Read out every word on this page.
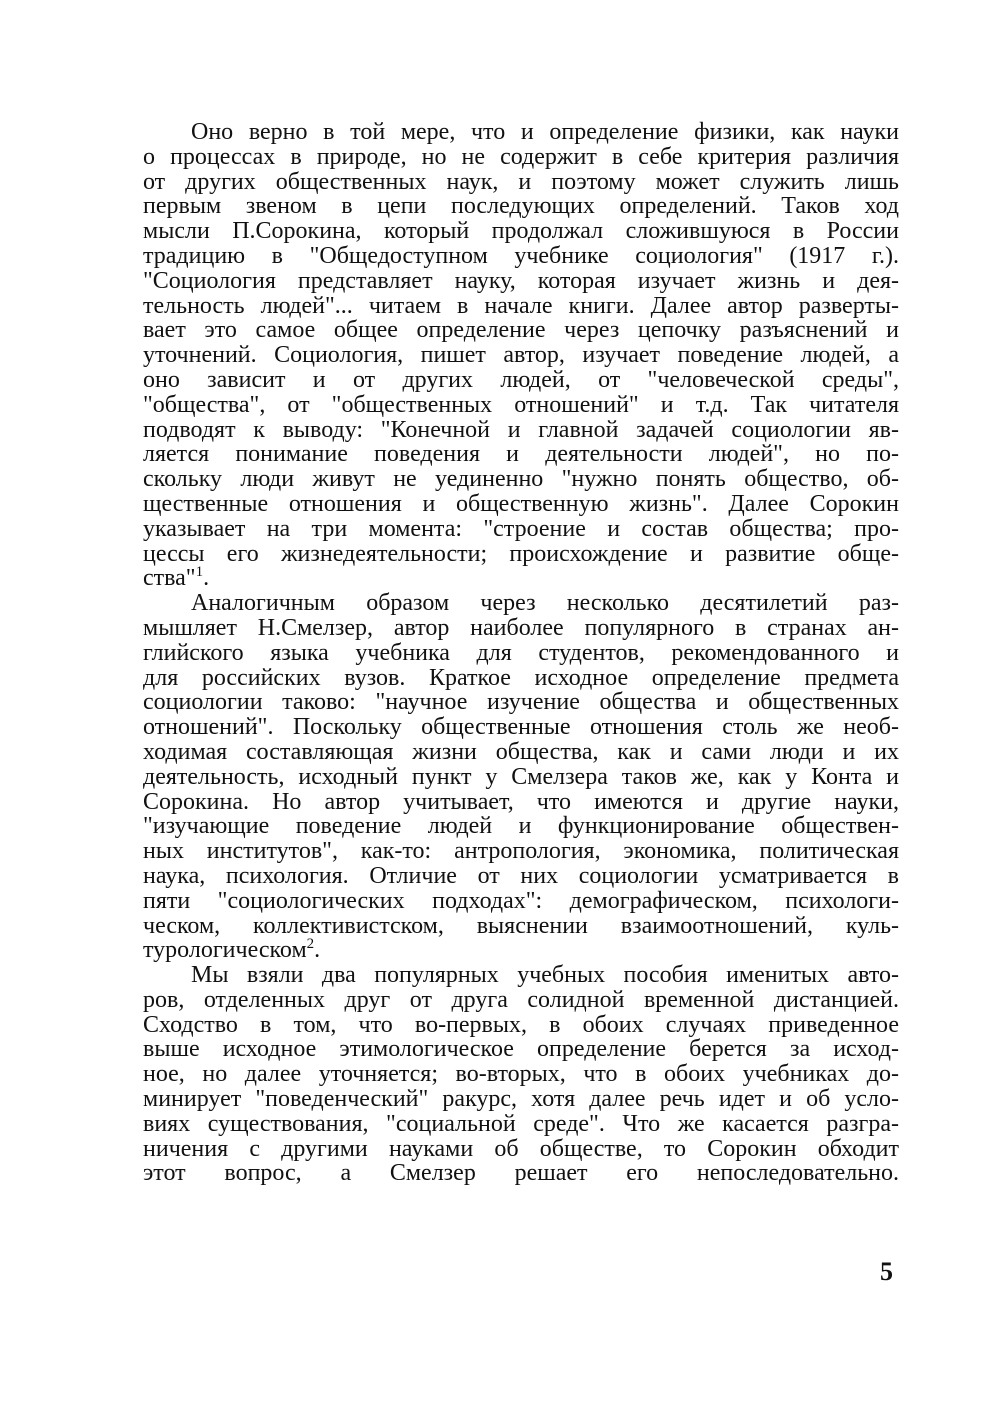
Оно верно в той мере, что и определение физики, как науки
о процессах в природе, но не содержит в себе критерия различия
от других общественных наук, и поэтому может служить лишь
первым звеном в цепи последующих определений. Таков ход
мысли П.Сорокина, который продолжал сложившуюся в России
традицию в "Общедоступном учебнике социология" (1917 г.).
"Социология представляет науку, которая изучает жизнь и дея-
тельность людей"... читаем в начале книги. Далее автор разверты-
вает это самое общее определение через цепочку разъяснений и
уточнений. Социология, пишет автор, изучает поведение людей, а
оно зависит и от других людей, от "человеческой среды",
"общества", от "общественных отношений" и т.д. Так читателя
подводят к выводу: "Конечной и главной задачей социологии яв-
ляется понимание поведения и деятельности людей", но по-
скольку люди живут не уединенно "нужно понять общество, об-
щественные отношения и общественную жизнь". Далее Сорокин
указывает на три момента: "строение и состав общества; про-
цессы его жизнедеятельности; происхождение и развитие обще-
ства"$^1$.
Аналогичным образом через несколько десятилетий раз-
мышляет Н.Смелзер, автор наиболее популярного в странах ан-
глийского языка учебника для студентов, рекомендованного и
для российских вузов. Краткое исходное определение предмета
социологии таково: "научное изучение общества и общественных
отношений". Поскольку общественные отношения столь же необ-
ходимая составляющая жизни общества, как и сами люди и их
деятельность, исходный пункт у Смелзера таков же, как у Конта и
Сорокина. Но автор учитывает, что имеются и другие науки,
"изучающие поведение людей и функционирование обществен-
ных институтов", как-то: антропология, экономика, политическая
наука, психология. Отличие от них социологии усматривается в
пяти "социологических подходах": демографическом, психологи-
ческом, коллективистском, выяснении взаимоотношений, куль-
турологическом$^2$.
Мы взяли два популярных учебных пособия именитых авто-
ров, отделенных друг от друга солидной временной дистанцией.
Сходство в том, что во-первых, в обоих случаях приведенное
выше исходное этимологическое определение берется за исход-
ное, но далее уточняется; во-вторых, что в обоих учебниках до-
минирует "поведенческий" ракурс, хотя далее речь идет и об усло-
виях существования, "социальной среде". Что же касается разгра-
ничения с другими науками об обществе, то Сорокин обходит
этот вопрос, а Смелзер решает его непоследовательно.
5
